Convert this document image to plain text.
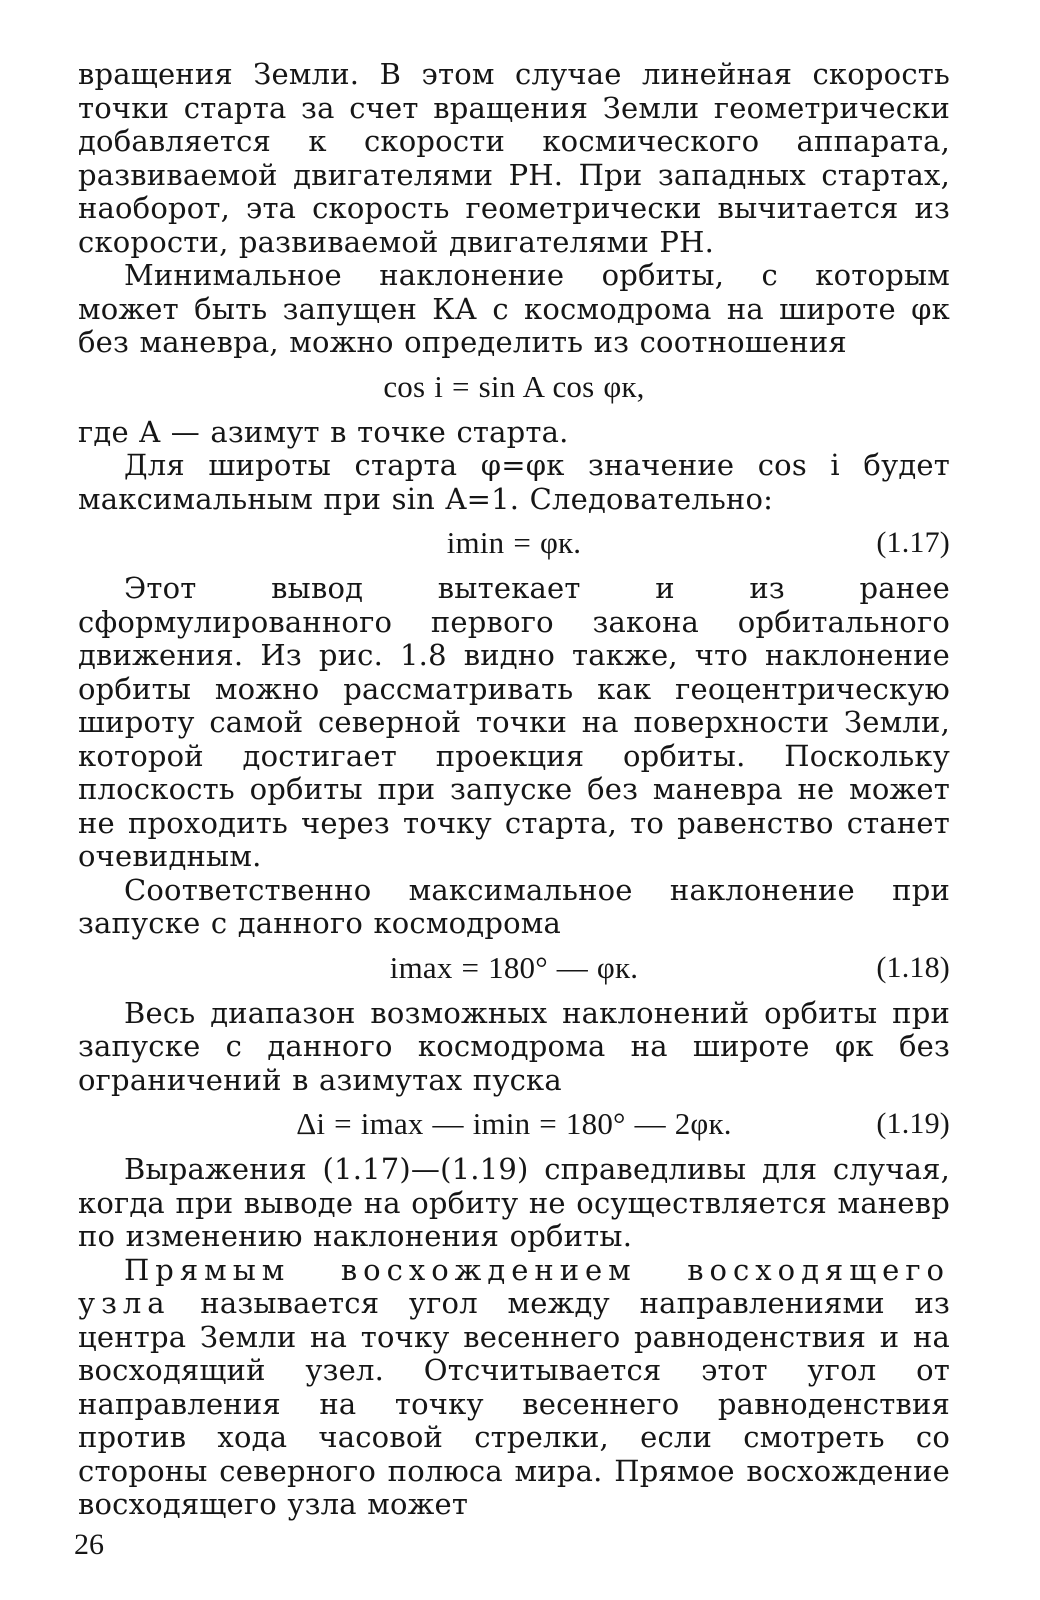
вращения Земли. В этом случае линейная скорость точки старта за счет вращения Земли геометрически добавляется к скорости космического аппарата, развиваемой двигателями РН. При западных стартах, наоборот, эта скорость геометрически вычитается из скорости, развиваемой двигателями РН.

Минимальное наклонение орбиты, с которым может быть запущен КА с космодрома на широте φк без маневра, можно определить из соотношения

cos i = sin A cos φк,

где A — азимут в точке старта.

Для широты старта φ=φк значение cos i будет максимальным при sin A=1. Следовательно:

imin = φк.	(1.17)

Этот вывод вытекает и из ранее сформулированного первого закона орбитального движения. Из рис. 1.8 видно также, что наклонение орбиты можно рассматривать как геоцентрическую широту самой северной точки на поверхности Земли, которой достигает проекция орбиты. Поскольку плоскость орбиты при запуске без маневра не может не проходить через точку старта, то равенство станет очевидным.

Соответственно максимальное наклонение при запуске с данного космодрома

imax = 180° — φк.	(1.18)

Весь диапазон возможных наклонений орбиты при запуске с данного космодрома на широте φк без ограничений в азимутах пуска

Δi = imax — imin = 180° — 2φк.	(1.19)

Выражения (1.17)—(1.19) справедливы для случая, когда при выводе на орбиту не осуществляется маневр по изменению наклонения орбиты.

Прямым восхождением восходящего узла называется угол между направлениями из центра Земли на точку весеннего равноденствия и на восходящий узел. Отсчитывается этот угол от направления на точку весеннего равноденствия против хода часовой стрелки, если смотреть со стороны северного полюса мира. Прямое восхождение восходящего узла может

26
